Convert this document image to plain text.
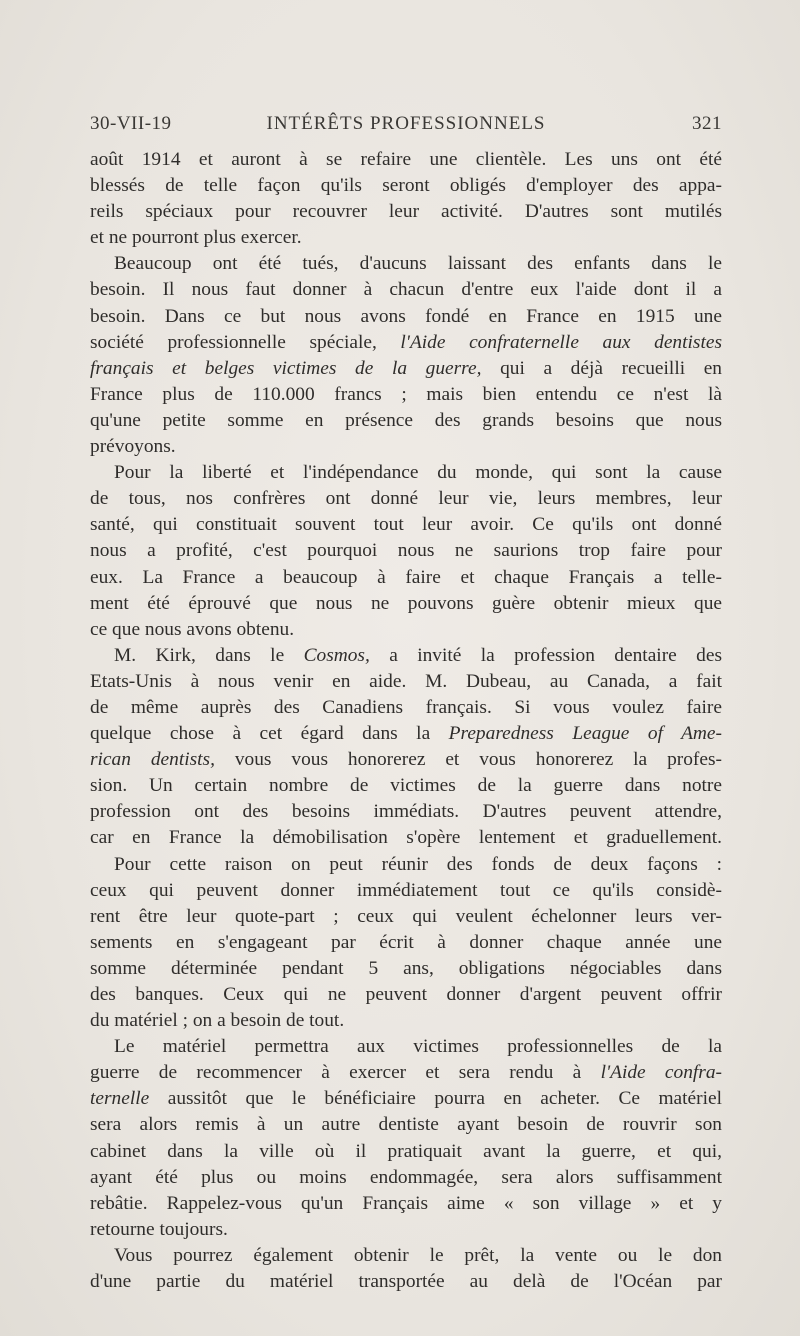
30-VII-19	INTÉRÊTS PROFESSIONNELS	321
août 1914 et auront à se refaire une clientèle. Les uns ont été
blessés de telle façon qu'ils seront obligés d'employer des appa-
reils spéciaux pour recouvrer leur activité. D'autres sont mutilés
et ne pourront plus exercer.
Beaucoup ont été tués, d'aucuns laissant des enfants dans le
besoin. Il nous faut donner à chacun d'entre eux l'aide dont il a
besoin. Dans ce but nous avons fondé en France en 1915 une
société professionnelle spéciale, l'Aide confraternelle aux dentistes
français et belges victimes de la guerre, qui a déjà recueilli en
France plus de 110.000 francs ; mais bien entendu ce n'est là
qu'une petite somme en présence des grands besoins que nous
prévoyons.
Pour la liberté et l'indépendance du monde, qui sont la cause
de tous, nos confrères ont donné leur vie, leurs membres, leur
santé, qui constituait souvent tout leur avoir. Ce qu'ils ont donné
nous a profité, c'est pourquoi nous ne saurions trop faire pour
eux. La France a beaucoup à faire et chaque Français a telle-
ment été éprouvé que nous ne pouvons guère obtenir mieux que
ce que nous avons obtenu.
M. Kirk, dans le Cosmos, a invité la profession dentaire des
Etats-Unis à nous venir en aide. M. Dubeau, au Canada, a fait
de même auprès des Canadiens français. Si vous voulez faire
quelque chose à cet égard dans la Preparedness League of Ame-
rican dentists, vous vous honorerez et vous honorerez la profes-
sion. Un certain nombre de victimes de la guerre dans notre
profession ont des besoins immédiats. D'autres peuvent attendre,
car en France la démobilisation s'opère lentement et graduellement.
Pour cette raison on peut réunir des fonds de deux façons :
ceux qui peuvent donner immédiatement tout ce qu'ils considè-
rent être leur quote-part ; ceux qui veulent échelonner leurs ver-
sements en s'engageant par écrit à donner chaque année une
somme déterminée pendant 5 ans, obligations négociables dans
des banques. Ceux qui ne peuvent donner d'argent peuvent offrir
du matériel ; on a besoin de tout.
Le matériel permettra aux victimes professionnelles de la
guerre de recommencer à exercer et sera rendu à l'Aide confra-
ternelle aussitôt que le bénéficiaire pourra en acheter. Ce matériel
sera alors remis à un autre dentiste ayant besoin de rouvrir son
cabinet dans la ville où il pratiquait avant la guerre, et qui,
ayant été plus ou moins endommagée, sera alors suffisamment
rebâtie. Rappelez-vous qu'un Français aime « son village » et y
retourne toujours.
Vous pourrez également obtenir le prêt, la vente ou le don
d'une partie du matériel transportée au delà de l'Océan par
